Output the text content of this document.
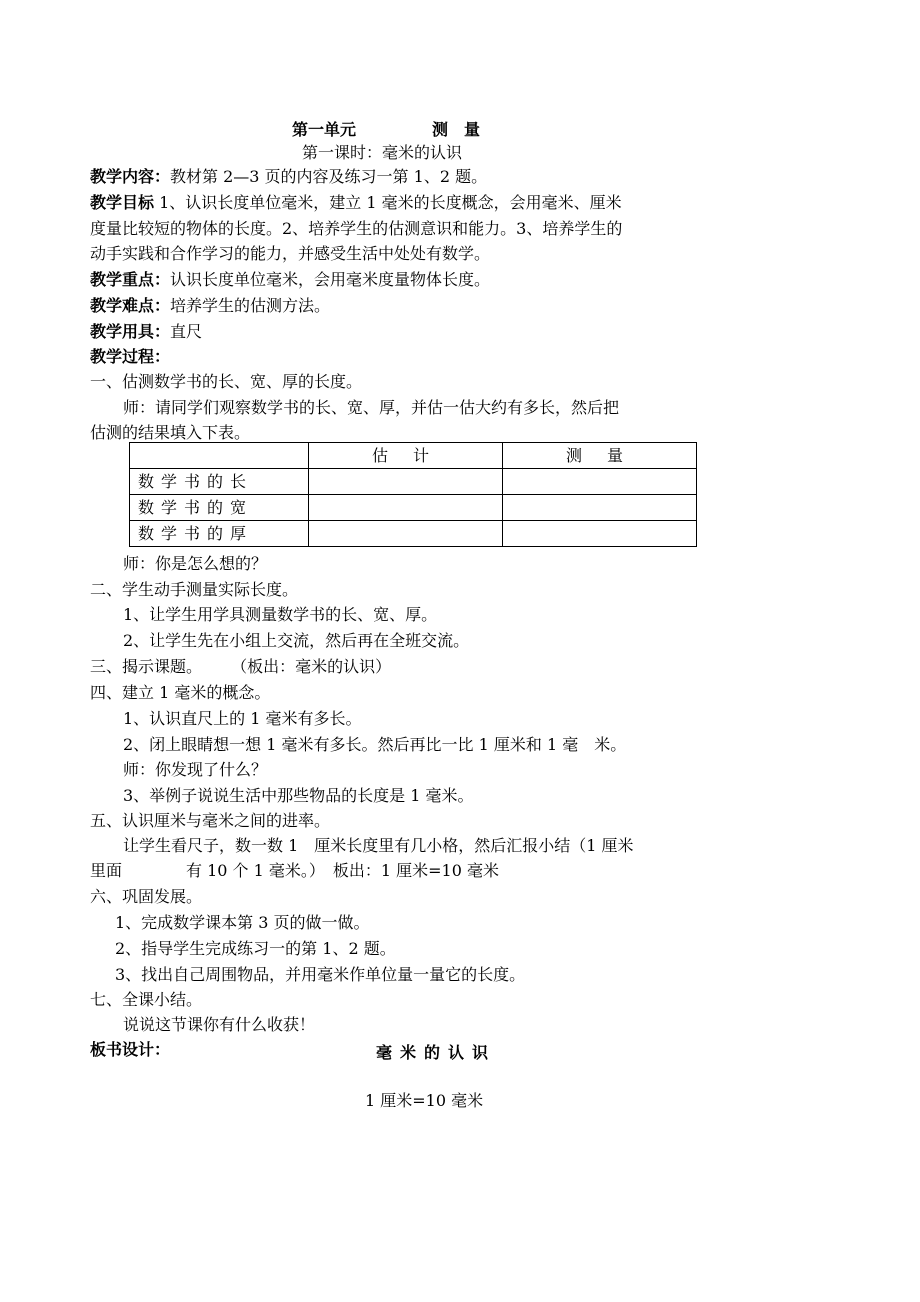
第一单元	测　量
第一课时：毫米的认识
教学内容：教材第 2—3 页的内容及练习一第 1、2 题。
教学目标 1、认识长度单位毫米，建立 1 毫米的长度概念，会用毫米、厘米
度量比较短的物体的长度。2、培养学生的估测意识和能力。3、培养学生的
动手实践和合作学习的能力，并感受生活中处处有数学。
教学重点：认识长度单位毫米，会用毫米度量物体长度。
教学难点：培养学生的估测方法。
教学用具：直尺
教学过程：
一、估测数学书的长、宽、厚的长度。
师：请同学们观察数学书的长、宽、厚，并估一估大约有多长，然后把
估测的结果填入下表。
	估 计	测 量
数学书的长		
数学书的宽		
数学书的厚		
师：你是怎么想的？
二、学生动手测量实际长度。
1、让学生用学具测量数学书的长、宽、厚。
2、让学生先在小组上交流，然后再在全班交流。
三、揭示课题。　　 （板出：毫米的认识）
四、建立 1 毫米的概念。
1、认识直尺上的 1 毫米有多长。
2、闭上眼睛想一想 1 毫米有多长。然后再比一比 1 厘米和 1 毫　米。
师：你发现了什么？
3、举例子说说生活中那些物品的长度是 1 毫米。
五、认识厘米与毫米之间的进率。
让学生看尺子，数一数 1　厘米长度里有几小格，然后汇报小结（1 厘米
里面　　　　有 10 个 1 毫米。）　板出：1 厘米=10 毫米
六、巩固发展。
1、完成数学课本第 3 页的做一做。
2、指导学生完成练习一的第 1、2 题。
3、找出自己周围物品，并用毫米作单位量一量它的长度。
七、全课小结。
说说这节课你有什么收获！
板书设计：	毫米的认识
1 厘米=10 毫米
